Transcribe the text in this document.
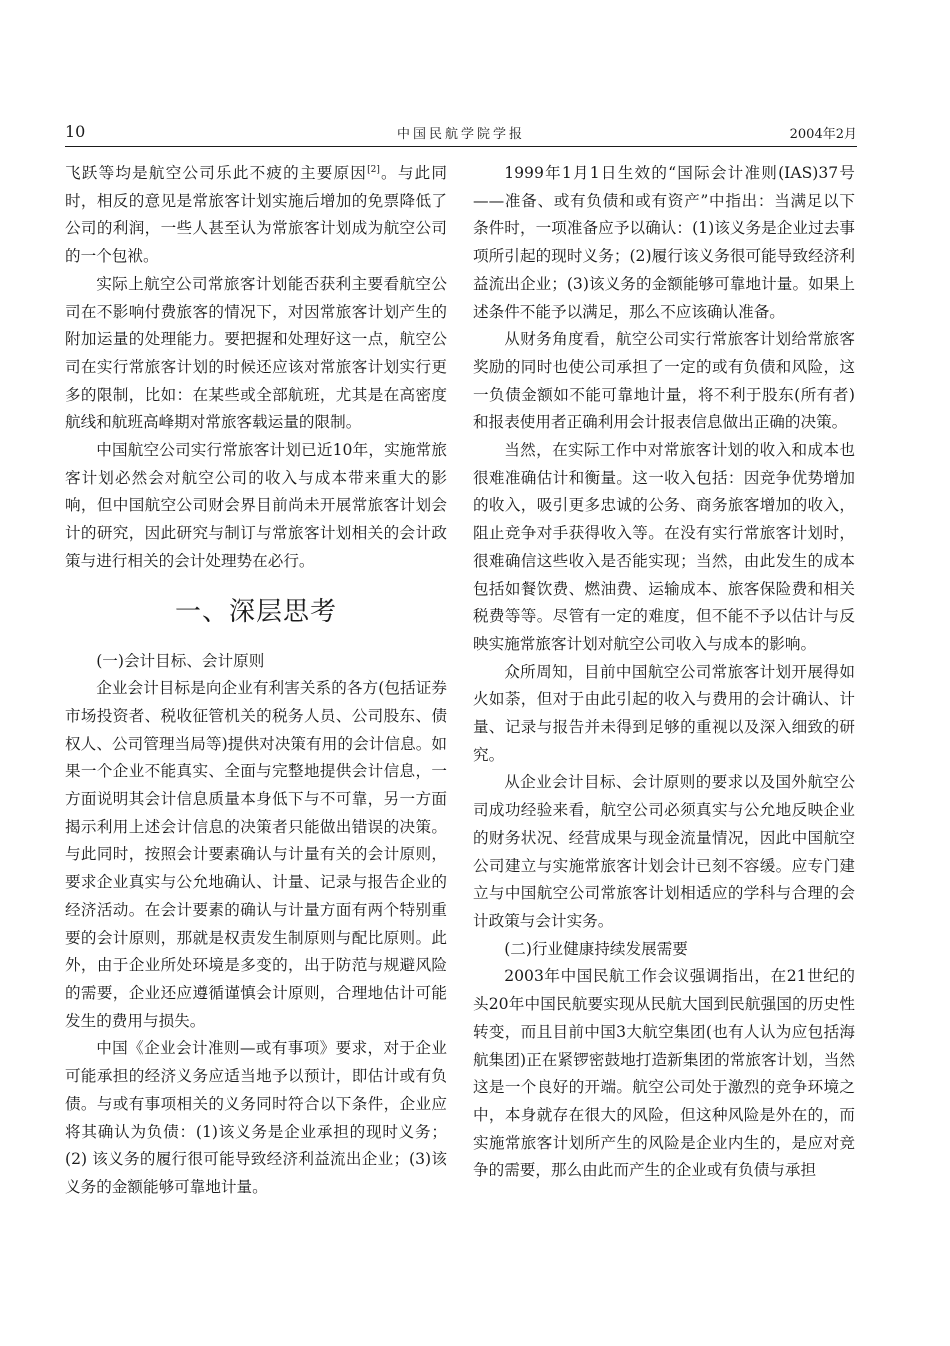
10	中国民航学院学报	2004年2月

飞跃等均是航空公司乐此不疲的主要原因[2]。与此同时，相反的意见是常旅客计划实施后增加的免票降低了公司的利润，一些人甚至认为常旅客计划成为航空公司的一个包袱。

实际上航空公司常旅客计划能否获利主要看航空公司在不影响付费旅客的情况下，对因常旅客计划产生的附加运量的处理能力。要把握和处理好这一点，航空公司在实行常旅客计划的时候还应该对常旅客计划实行更多的限制，比如：在某些或全部航班，尤其是在高密度航线和航班高峰期对常旅客载运量的限制。

中国航空公司实行常旅客计划已近10年，实施常旅客计划必然会对航空公司的收入与成本带来重大的影响，但中国航空公司财会界目前尚未开展常旅客计划会计的研究，因此研究与制订与常旅客计划相关的会计政策与进行相关的会计处理势在必行。

一、深层思考

(一)会计目标、会计原则

企业会计目标是向企业有利害关系的各方(包括证券市场投资者、税收征管机关的税务人员、公司股东、债权人、公司管理当局等)提供对决策有用的会计信息。如果一个企业不能真实、全面与完整地提供会计信息，一方面说明其会计信息质量本身低下与不可靠，另一方面揭示利用上述会计信息的决策者只能做出错误的决策。与此同时，按照会计要素确认与计量有关的会计原则，要求企业真实与公允地确认、计量、记录与报告企业的经济活动。在会计要素的确认与计量方面有两个特别重要的会计原则，那就是权责发生制原则与配比原则。此外，由于企业所处环境是多变的，出于防范与规避风险的需要，企业还应遵循谨慎会计原则，合理地估计可能发生的费用与损失。

中国《企业会计准则—或有事项》要求，对于企业可能承担的经济义务应适当地予以预计，即估计或有负债。与或有事项相关的义务同时符合以下条件，企业应将其确认为负债：(1)该义务是企业承担的现时义务；(2) 该义务的履行很可能导致经济利益流出企业；(3)该义务的金额能够可靠地计量。

1999年1月1日生效的“国际会计准则(IAS)37号——准备、或有负债和或有资产”中指出：当满足以下条件时，一项准备应予以确认：(1)该义务是企业过去事项所引起的现时义务；(2)履行该义务很可能导致经济利益流出企业；(3)该义务的金额能够可靠地计量。如果上述条件不能予以满足，那么不应该确认准备。

从财务角度看，航空公司实行常旅客计划给常旅客奖励的同时也使公司承担了一定的或有负债和风险，这一负债金额如不能可靠地计量，将不利于股东(所有者)和报表使用者正确利用会计报表信息做出正确的决策。

当然，在实际工作中对常旅客计划的收入和成本也很难准确估计和衡量。这一收入包括：因竞争优势增加的收入，吸引更多忠诚的公务、商务旅客增加的收入，阻止竞争对手获得收入等。在没有实行常旅客计划时，很难确信这些收入是否能实现；当然，由此发生的成本包括如餐饮费、燃油费、运输成本、旅客保险费和相关税费等等。尽管有一定的难度，但不能不予以估计与反映实施常旅客计划对航空公司收入与成本的影响。

众所周知，目前中国航空公司常旅客计划开展得如火如荼，但对于由此引起的收入与费用的会计确认、计量、记录与报告并未得到足够的重视以及深入细致的研究。

从企业会计目标、会计原则的要求以及国外航空公司成功经验来看，航空公司必须真实与公允地反映企业的财务状况、经营成果与现金流量情况，因此中国航空公司建立与实施常旅客计划会计已刻不容缓。应专门建立与中国航空公司常旅客计划相适应的学科与合理的会计政策与会计实务。

(二)行业健康持续发展需要

2003年中国民航工作会议强调指出，在21世纪的头20年中国民航要实现从民航大国到民航强国的历史性转变，而且目前中国3大航空集团(也有人认为应包括海航集团)正在紧锣密鼓地打造新集团的常旅客计划，当然这是一个良好的开端。航空公司处于激烈的竞争环境之中，本身就存在很大的风险，但这种风险是外在的，而实施常旅客计划所产生的风险是企业内生的，是应对竞争的需要，那么由此而产生的企业或有负债与承担
